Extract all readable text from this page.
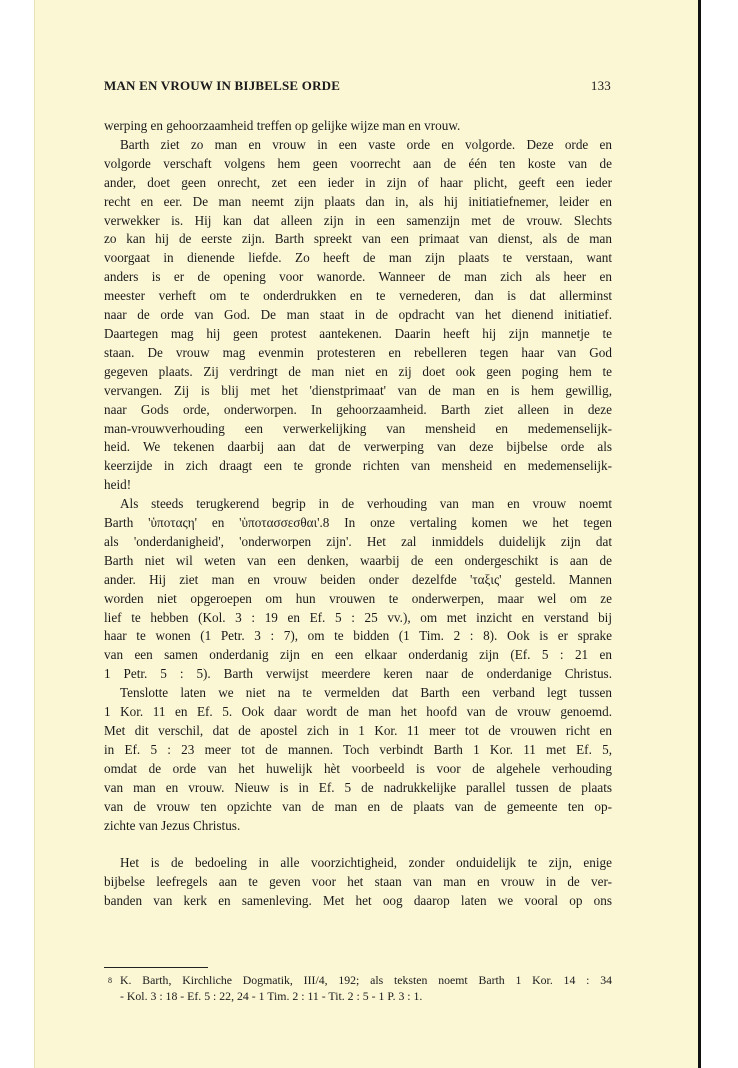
MAN EN VROUW IN BIJBELSE ORDE	133

werping en gehoorzaamheid treffen op gelijke wijze man en vrouw.

Barth ziet zo man en vrouw in een vaste orde en volgorde. Deze orde en
volgorde verschaft volgens hem geen voorrecht aan de één ten koste van de
ander, doet geen onrecht, zet een ieder in zijn of haar plicht, geeft een ieder
recht en eer. De man neemt zijn plaats dan in, als hij initiatiefnemer, leider en
verwekker is. Hij kan dat alleen zijn in een samenzijn met de vrouw. Slechts
zo kan hij de eerste zijn. Barth spreekt van een primaat van dienst, als de man
voorgaat in dienende liefde. Zo heeft de man zijn plaats te verstaan, want
anders is er de opening voor wanorde. Wanneer de man zich als heer en
meester verheft om te onderdrukken en te vernederen, dan is dat allerminst
naar de orde van God. De man staat in de opdracht van het dienend initiatief.
Daartegen mag hij geen protest aantekenen. Daarin heeft hij zijn mannetje te
staan. De vrouw mag evenmin protesteren en rebelleren tegen haar van God
gegeven plaats. Zij verdringt de man niet en zij doet ook geen poging hem te
vervangen. Zij is blij met het 'dienstprimaat' van de man en is hem gewillig,
naar Gods orde, onderworpen. In gehoorzaamheid. Barth ziet alleen in deze
man-vrouwverhouding een verwerkelijking van mensheid en medemenselijk-
heid. We tekenen daarbij aan dat de verwerping van deze bijbelse orde als
keerzijde in zich draagt een te gronde richten van mensheid en medemenselijk-
heid!

Als steeds terugkerend begrip in de verhouding van man en vrouw noemt
Barth 'ὑποταςη' en 'ὑποτασσεσθαι'.8 In onze vertaling komen we het tegen
als 'onderdanigheid', 'onderworpen zijn'. Het zal inmiddels duidelijk zijn dat
Barth niet wil weten van een denken, waarbij de een ondergeschikt is aan de
ander. Hij ziet man en vrouw beiden onder dezelfde 'ταξις' gesteld. Mannen
worden niet opgeroepen om hun vrouwen te onderwerpen, maar wel om ze
lief te hebben (Kol. 3 : 19 en Ef. 5 : 25 vv.), om met inzicht en verstand bij
haar te wonen (1 Petr. 3 : 7), om te bidden (1 Tim. 2 : 8). Ook is er sprake
van een samen onderdanig zijn en een elkaar onderdanig zijn (Ef. 5 : 21 en
1 Petr. 5 : 5). Barth verwijst meerdere keren naar de onderdanige Christus.

Tenslotte laten we niet na te vermelden dat Barth een verband legt tussen
1 Kor. 11 en Ef. 5. Ook daar wordt de man het hoofd van de vrouw genoemd.
Met dit verschil, dat de apostel zich in 1 Kor. 11 meer tot de vrouwen richt en
in Ef. 5 : 23 meer tot de mannen. Toch verbindt Barth 1 Kor. 11 met Ef. 5,
omdat de orde van het huwelijk hèt voorbeeld is voor de algehele verhouding
van man en vrouw. Nieuw is in Ef. 5 de nadrukkelijke parallel tussen de plaats
van de vrouw ten opzichte van de man en de plaats van de gemeente ten op-
zichte van Jezus Christus.

Het is de bedoeling in alle voorzichtigheid, zonder onduidelijk te zijn, enige
bijbelse leefregels aan te geven voor het staan van man en vrouw in de ver-
banden van kerk en samenleving. Met het oog daarop laten we vooral op ons

8 K. Barth, Kirchliche Dogmatik, III/4, 192; als teksten noemt Barth 1 Kor. 14 : 34
- Kol. 3 : 18 - Ef. 5 : 22, 24 - 1 Tim. 2 : 11 - Tit. 2 : 5 - 1 P. 3 : 1.
